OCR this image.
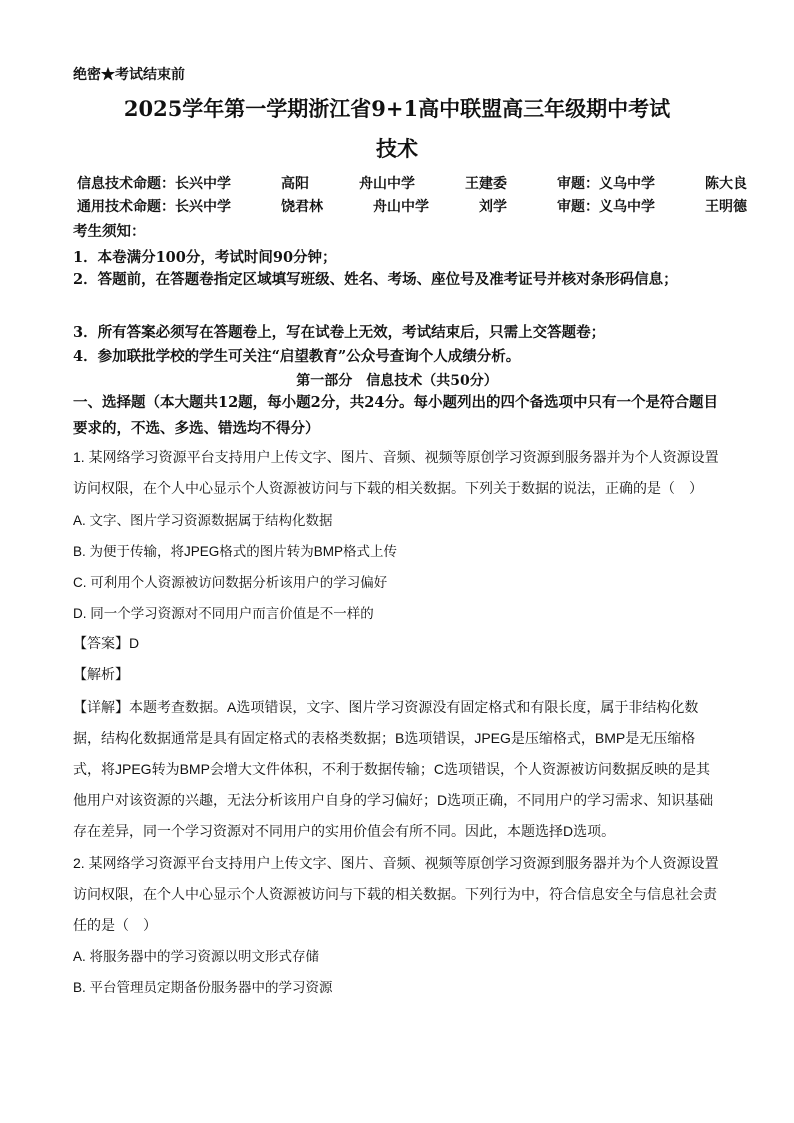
绝密★考试结束前
2025学年第一学期浙江省9+1高中联盟高三年级期中考试
技术
信息技术命题：长兴中学	高阳	舟山中学	王建委	审题：义乌中学	陈大良
通用技术命题：长兴中学	饶君林	舟山中学	刘学	审题：义乌中学	王明德
考生须知：
1．本卷满分100分，考试时间90分钟；
2．答题前，在答题卷指定区域填写班级、姓名、考场、座位号及准考证号并核对条形码信息；
3．所有答案必须写在答题卷上，写在试卷上无效，考试结束后，只需上交答题卷；
4．参加联批学校的学生可关注“启望教育”公众号查询个人成绩分析。
第一部分　信息技术（共50分）
一、选择题（本大题共12题，每小题2分，共24分。每小题列出的四个备选项中只有一个是符合题目要求的，不选、多选、错选均不得分）
1. 某网络学习资源平台支持用户上传文字、图片、音频、视频等原创学习资源到服务器并为个人资源设置访问权限，在个人中心显示个人资源被访问与下载的相关数据。下列关于数据的说法，正确的是（　）
A. 文字、图片学习资源数据属于结构化数据
B. 为便于传输，将JPEG格式的图片转为BMP格式上传
C. 可利用个人资源被访问数据分析该用户的学习偏好
D. 同一个学习资源对不同用户而言价值是不一样的
【答案】D
【解析】
【详解】本题考查数据。A选项错误，文字、图片学习资源没有固定格式和有限长度，属于非结构化数据，结构化数据通常是具有固定格式的表格类数据；B选项错误，JPEG是压缩格式，BMP是无压缩格式，将JPEG转为BMP会增大文件体积，不利于数据传输；C选项错误，个人资源被访问数据反映的是其他用户对该资源的兴趣，无法分析该用户自身的学习偏好；D选项正确，不同用户的学习需求、知识基础存在差异，同一个学习资源对不同用户的实用价值会有所不同。因此，本题选择D选项。
2. 某网络学习资源平台支持用户上传文字、图片、音频、视频等原创学习资源到服务器并为个人资源设置访问权限，在个人中心显示个人资源被访问与下载的相关数据。下列行为中，符合信息安全与信息社会责任的是（　）
A. 将服务器中的学习资源以明文形式存储
B. 平台管理员定期备份服务器中的学习资源
